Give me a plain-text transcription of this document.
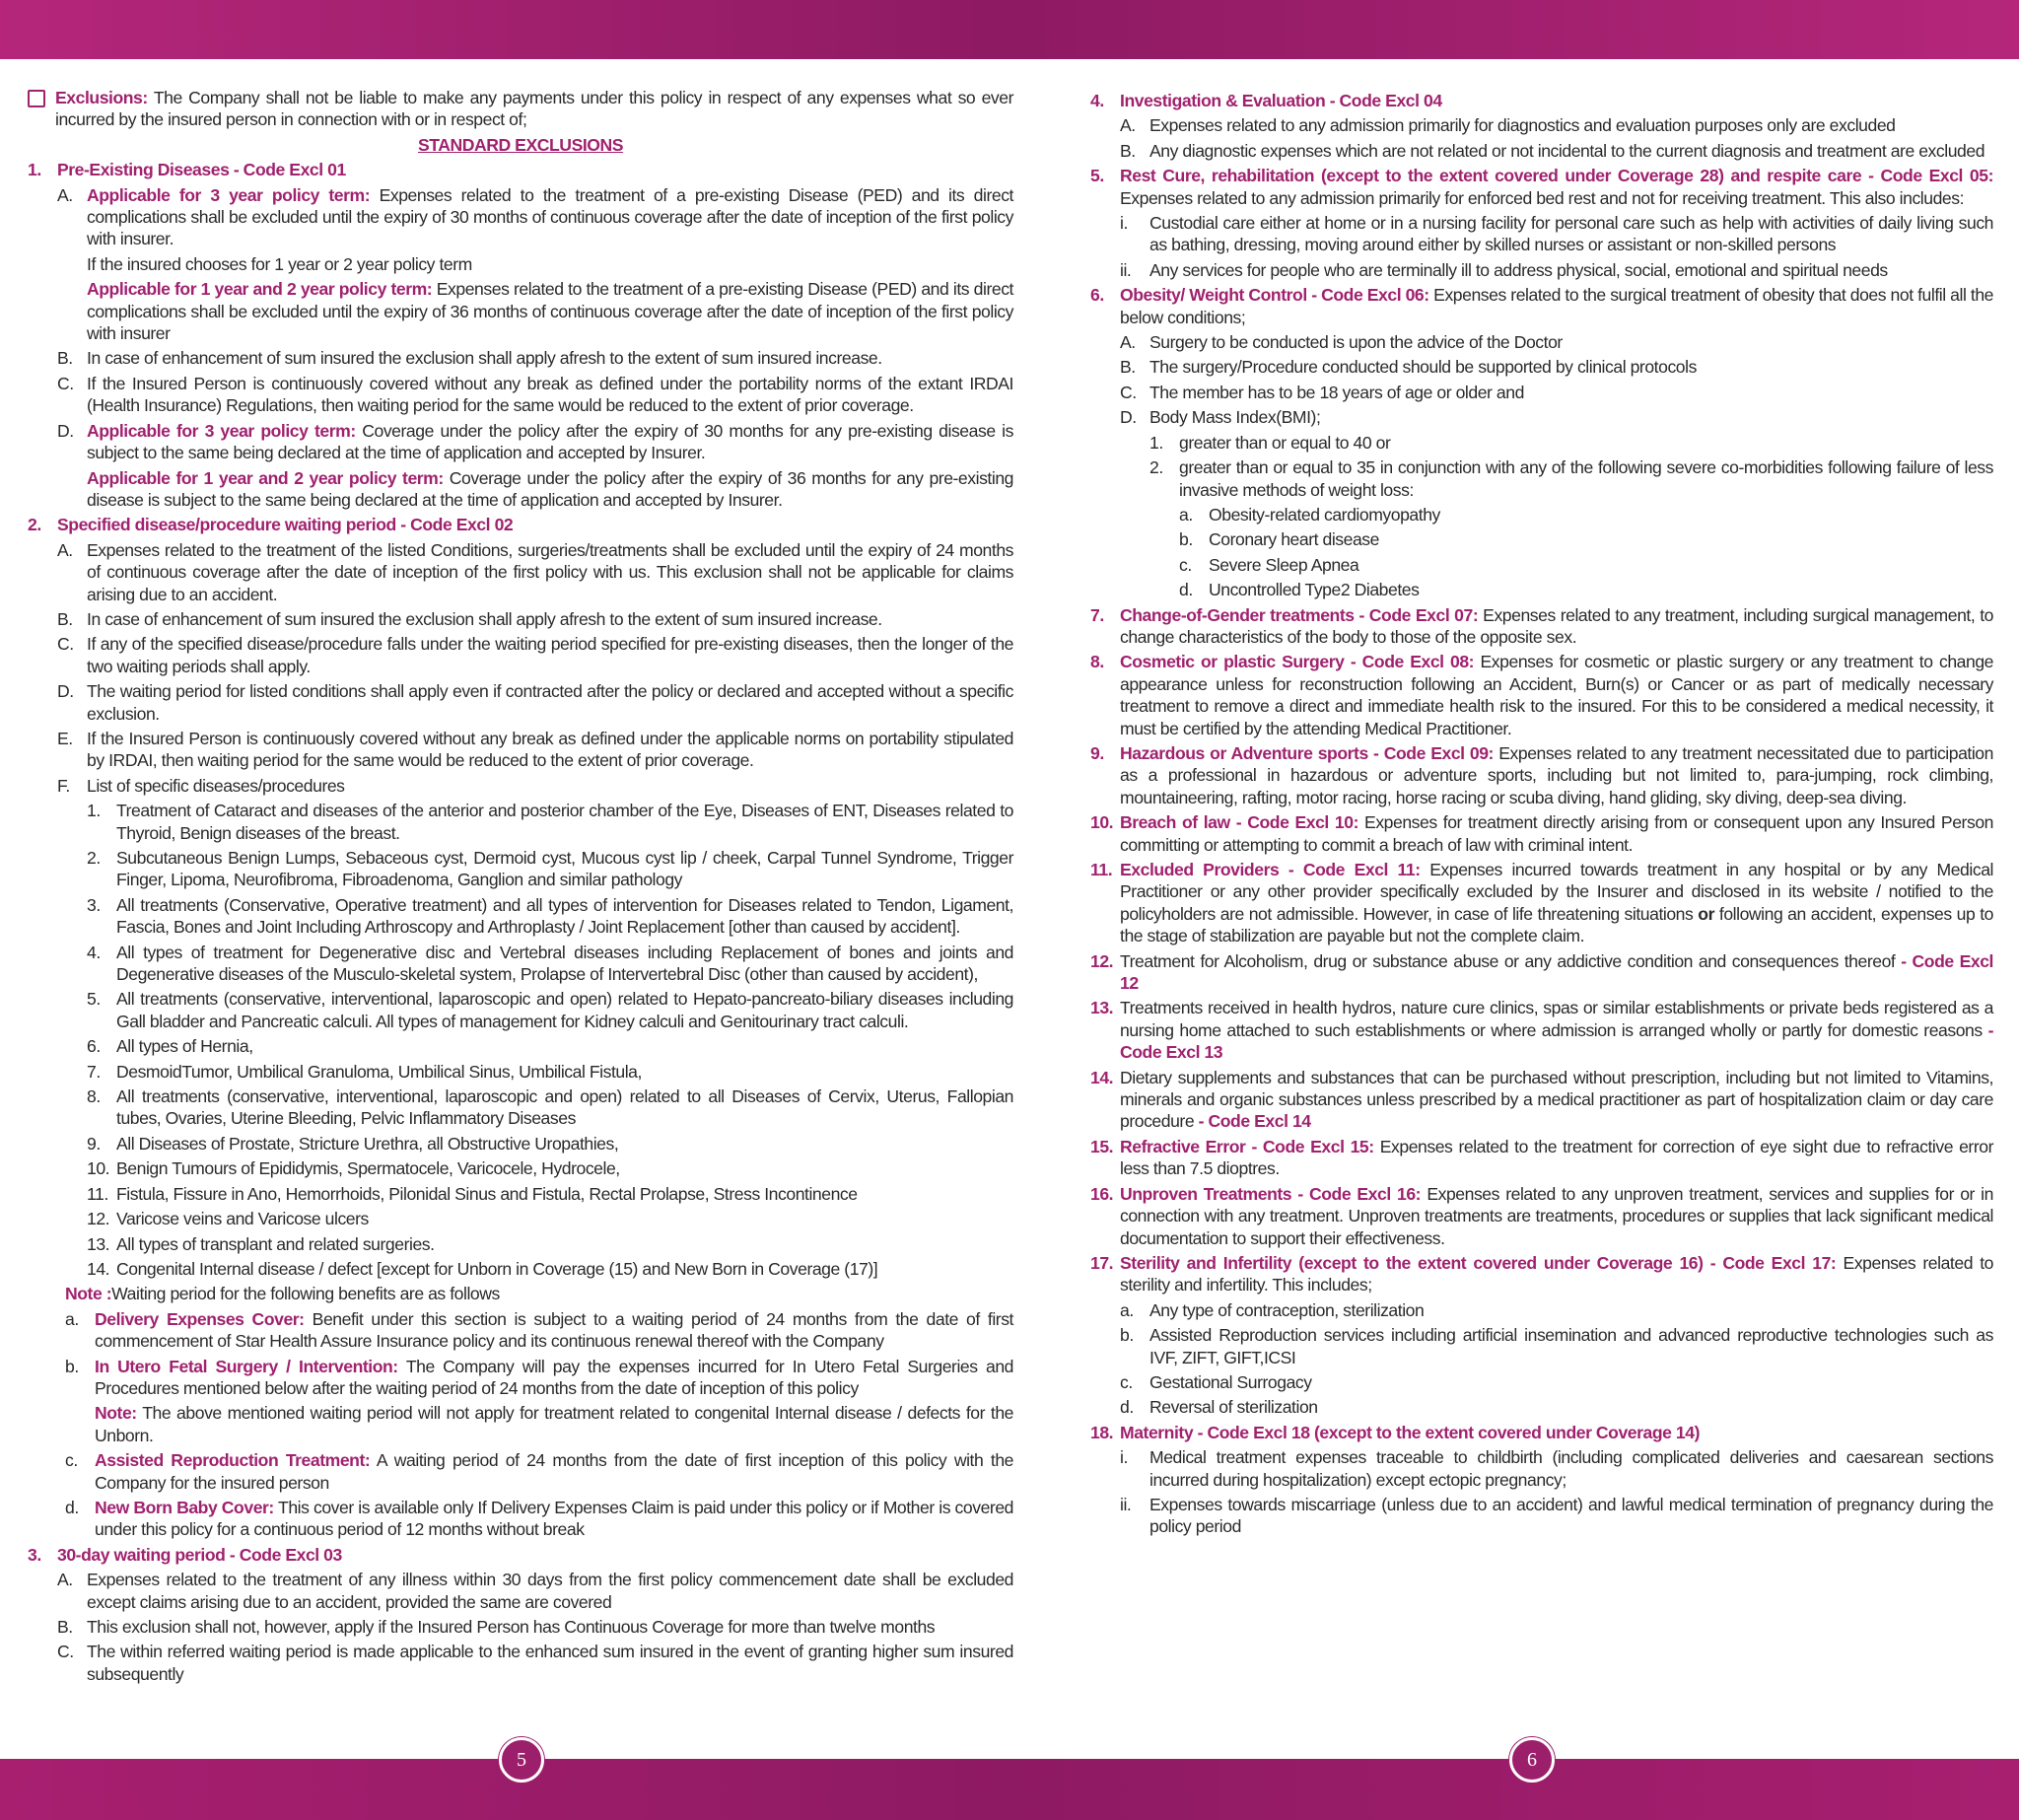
Exclusions: The Company shall not be liable to make any payments under this policy in respect of any expenses what so ever incurred by the insured person in connection with or in respect of;
STANDARD EXCLUSIONS
1. Pre-Existing Diseases - Code Excl 01
A. Applicable for 3 year policy term: Expenses related to the treatment of a pre-existing Disease (PED) and its direct complications shall be excluded until the expiry of 30 months of continuous coverage after the date of inception of the first policy with insurer.
If the insured chooses for 1 year or 2 year policy term
Applicable for 1 year and 2 year policy term: Expenses related to the treatment of a pre-existing Disease (PED) and its direct complications shall be excluded until the expiry of 36 months of continuous coverage after the date of inception of the first policy with insurer
B. In case of enhancement of sum insured the exclusion shall apply afresh to the extent of sum insured increase.
C. If the Insured Person is continuously covered without any break as defined under the portability norms of the extant IRDAI (Health Insurance) Regulations, then waiting period for the same would be reduced to the extent of prior coverage.
D. Applicable for 3 year policy term: Coverage under the policy after the expiry of 30 months for any pre-existing disease is subject to the same being declared at the time of application and accepted by Insurer.
Applicable for 1 year and 2 year policy term: Coverage under the policy after the expiry of 36 months for any pre-existing disease is subject to the same being declared at the time of application and accepted by Insurer.
2. Specified disease/procedure waiting period - Code Excl 02
A. Expenses related to the treatment of the listed Conditions, surgeries/treatments shall be excluded until the expiry of 24 months of continuous coverage after the date of inception of the first policy with us. This exclusion shall not be applicable for claims arising due to an accident.
B. In case of enhancement of sum insured the exclusion shall apply afresh to the extent of sum insured increase.
C. If any of the specified disease/procedure falls under the waiting period specified for pre-existing diseases, then the longer of the two waiting periods shall apply.
D. The waiting period for listed conditions shall apply even if contracted after the policy or declared and accepted without a specific exclusion.
E. If the Insured Person is continuously covered without any break as defined under the applicable norms on portability stipulated by IRDAI, then waiting period for the same would be reduced to the extent of prior coverage.
F. List of specific diseases/procedures
1. Treatment of Cataract and diseases of the anterior and posterior chamber of the Eye, Diseases of ENT, Diseases related to Thyroid, Benign diseases of the breast.
2. Subcutaneous Benign Lumps, Sebaceous cyst, Dermoid cyst, Mucous cyst lip / cheek, Carpal Tunnel Syndrome, Trigger Finger, Lipoma, Neurofibroma, Fibroadenoma, Ganglion and similar pathology
3. All treatments (Conservative, Operative treatment) and all types of intervention for Diseases related to Tendon, Ligament, Fascia, Bones and Joint Including Arthroscopy and Arthroplasty / Joint Replacement [other than caused by accident].
4. All types of treatment for Degenerative disc and Vertebral diseases including Replacement of bones and joints and Degenerative diseases of the Musculo-skeletal system, Prolapse of Intervertebral Disc (other than caused by accident),
5. All treatments (conservative, interventional, laparoscopic and open) related to Hepato-pancreato-biliary diseases including Gall bladder and Pancreatic calculi. All types of management for Kidney calculi and Genitourinary tract calculi.
6. All types of Hernia,
7. DesmoidTumor, Umbilical Granuloma, Umbilical Sinus, Umbilical Fistula,
8. All treatments (conservative, interventional, laparoscopic and open) related to all Diseases of Cervix, Uterus, Fallopian tubes, Ovaries, Uterine Bleeding, Pelvic Inflammatory Diseases
9. All Diseases of Prostate, Stricture Urethra, all Obstructive Uropathies,
10. Benign Tumours of Epididymis, Spermatocele, Varicocele, Hydrocele,
11. Fistula, Fissure in Ano, Hemorrhoids, Pilonidal Sinus and Fistula, Rectal Prolapse, Stress Incontinence
12. Varicose veins and Varicose ulcers
13. All types of transplant and related surgeries.
14. Congenital Internal disease / defect [except for Unborn in Coverage (15) and New Born in Coverage (17)]
Note :Waiting period for the following benefits are as follows
a. Delivery Expenses Cover: Benefit under this section is subject to a waiting period of 24 months from the date of first commencement of Star Health Assure Insurance policy and its continuous renewal thereof with the Company
b. In Utero Fetal Surgery / Intervention: The Company will pay the expenses incurred for In Utero Fetal Surgeries and Procedures mentioned below after the waiting period of 24 months from the date of inception of this policy
Note: The above mentioned waiting period will not apply for treatment related to congenital Internal disease / defects for the Unborn.
c. Assisted Reproduction Treatment: A waiting period of 24 months from the date of first inception of this policy with the Company for the insured person
d. New Born Baby Cover: This cover is available only If Delivery Expenses Claim is paid under this policy or if Mother is covered under this policy for a continuous period of 12 months without break
3. 30-day waiting period - Code Excl 03
A. Expenses related to the treatment of any illness within 30 days from the first policy commencement date shall be excluded except claims arising due to an accident, provided the same are covered
B. This exclusion shall not, however, apply if the Insured Person has Continuous Coverage for more than twelve months
C. The within referred waiting period is made applicable to the enhanced sum insured in the event of granting higher sum insured subsequently
4. Investigation & Evaluation - Code Excl 04
A. Expenses related to any admission primarily for diagnostics and evaluation purposes only are excluded
B. Any diagnostic expenses which are not related or not incidental to the current diagnosis and treatment are excluded
5. Rest Cure, rehabilitation (except to the extent covered under Coverage 28) and respite care - Code Excl 05: Expenses related to any admission primarily for enforced bed rest and not for receiving treatment. This also includes:
i. Custodial care either at home or in a nursing facility for personal care such as help with activities of daily living such as bathing, dressing, moving around either by skilled nurses or assistant or non-skilled persons
ii. Any services for people who are terminally ill to address physical, social, emotional and spiritual needs
6. Obesity/ Weight Control - Code Excl 06: Expenses related to the surgical treatment of obesity that does not fulfil all the below conditions;
A. Surgery to be conducted is upon the advice of the Doctor
B. The surgery/Procedure conducted should be supported by clinical protocols
C. The member has to be 18 years of age or older and
D. Body Mass Index(BMI);
1. greater than or equal to 40 or
2. greater than or equal to 35 in conjunction with any of the following severe co-morbidities following failure of less invasive methods of weight loss:
a. Obesity-related cardiomyopathy
b. Coronary heart disease
c. Severe Sleep Apnea
d. Uncontrolled Type2 Diabetes
7. Change-of-Gender treatments - Code Excl 07: Expenses related to any treatment, including surgical management, to change characteristics of the body to those of the opposite sex.
8. Cosmetic or plastic Surgery - Code Excl 08: Expenses for cosmetic or plastic surgery or any treatment to change appearance unless for reconstruction following an Accident, Burn(s) or Cancer or as part of medically necessary treatment to remove a direct and immediate health risk to the insured. For this to be considered a medical necessity, it must be certified by the attending Medical Practitioner.
9. Hazardous or Adventure sports - Code Excl 09: Expenses related to any treatment necessitated due to participation as a professional in hazardous or adventure sports, including but not limited to, para-jumping, rock climbing, mountaineering, rafting, motor racing, horse racing or scuba diving, hand gliding, sky diving, deep-sea diving.
10. Breach of law - Code Excl 10: Expenses for treatment directly arising from or consequent upon any Insured Person committing or attempting to commit a breach of law with criminal intent.
11. Excluded Providers - Code Excl 11: Expenses incurred towards treatment in any hospital or by any Medical Practitioner or any other provider specifically excluded by the Insurer and disclosed in its website / notified to the policyholders are not admissible. However, in case of life threatening situations or following an accident, expenses up to the stage of stabilization are payable but not the complete claim.
12. Treatment for Alcoholism, drug or substance abuse or any addictive condition and consequences thereof - Code Excl 12
13. Treatments received in health hydros, nature cure clinics, spas or similar establishments or private beds registered as a nursing home attached to such establishments or where admission is arranged wholly or partly for domestic reasons - Code Excl 13
14. Dietary supplements and substances that can be purchased without prescription, including but not limited to Vitamins, minerals and organic substances unless prescribed by a medical practitioner as part of hospitalization claim or day care procedure - Code Excl 14
15. Refractive Error - Code Excl 15: Expenses related to the treatment for correction of eye sight due to refractive error less than 7.5 dioptres.
16. Unproven Treatments - Code Excl 16: Expenses related to any unproven treatment, services and supplies for or in connection with any treatment. Unproven treatments are treatments, procedures or supplies that lack significant medical documentation to support their effectiveness.
17. Sterility and Infertility (except to the extent covered under Coverage 16) - Code Excl 17: Expenses related to sterility and infertility. This includes;
a. Any type of contraception, sterilization
b. Assisted Reproduction services including artificial insemination and advanced reproductive technologies such as IVF, ZIFT, GIFT,ICSI
c. Gestational Surrogacy
d. Reversal of sterilization
18. Maternity - Code Excl 18 (except to the extent covered under Coverage 14)
i. Medical treatment expenses traceable to childbirth (including complicated deliveries and caesarean sections incurred during hospitalization) except ectopic pregnancy;
ii. Expenses towards miscarriage (unless due to an accident) and lawful medical termination of pregnancy during the policy period
5	6
